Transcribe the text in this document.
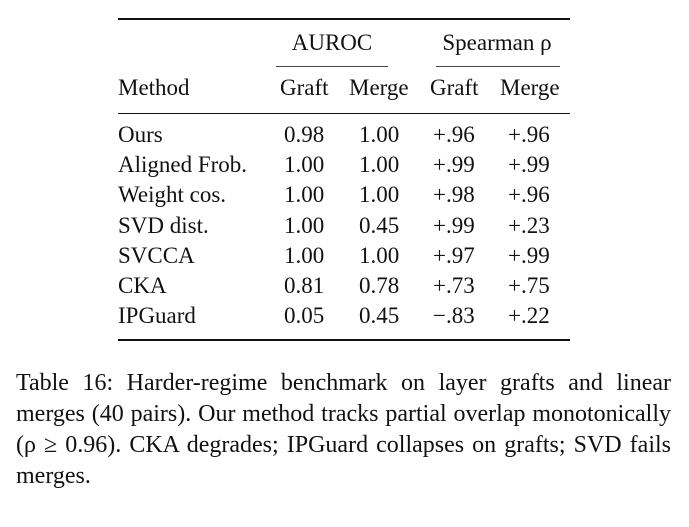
AUROC	Spearman ρ
Method	Graft Merge Graft Merge
Ours	0.98 1.00 +.96 +.96
Aligned Frob. 1.00 1.00 +.99 +.99
Weight cos.	1.00 1.00 +.98 +.96
SVD dist.	1.00 0.45 +.99 +.23
SVCCA	1.00 1.00 +.97 +.99
CKA	0.81 0.78 +.73 +.75
IPGuard	0.05 0.45 −.83 +.22
Table 16: Harder-regime benchmark on layer grafts and linear merges (40 pairs). Our method tracks partial overlap monotonically (ρ ≥ 0.96). CKA degrades; IPGuard collapses on grafts; SVD fails merges.
